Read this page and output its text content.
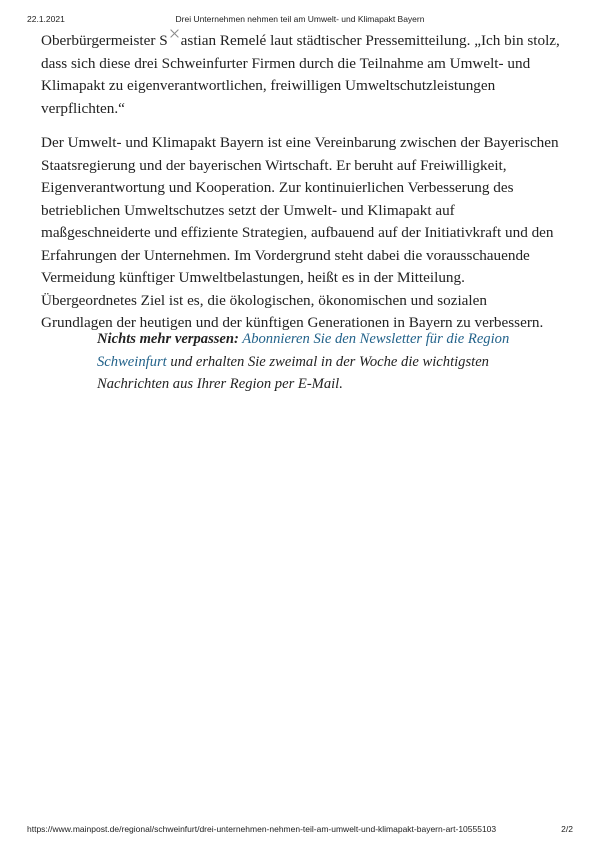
22.1.2021	Drei Unternehmen nehmen teil am Umwelt- und Klimapakt Bayern

Oberbürgermeister S astian Remelé laut städtischer Pressemitteilung. „Ich bin stolz, dass sich diese drei Schweinfurter Firmen durch die Teilnahme am Umwelt- und Klimapakt zu eigenverantwortlichen, freiwilligen Umweltschutzleistungen verpflichten.“

Der Umwelt- und Klimapakt Bayern ist eine Vereinbarung zwischen der Bayerischen Staatsregierung und der bayerischen Wirtschaft. Er beruht auf Freiwilligkeit, Eigenverantwortung und Kooperation. Zur kontinuierlichen Verbesserung des betrieblichen Umweltschutzes setzt der Umwelt- und Klimapakt auf maßgeschneiderte und effiziente Strategien, aufbauend auf der Initiativkraft und den Erfahrungen der Unternehmen. Im Vordergrund steht dabei die vorausschauende Vermeidung künftiger Umweltbelastungen, heißt es in der Mitteilung. Übergeordnetes Ziel ist es, die ökologischen, ökonomischen und sozialen Grundlagen der heutigen und der künftigen Generationen in Bayern zu verbessern.

Nichts mehr verpassen: Abonnieren Sie den Newsletter für die Region Schweinfurt und erhalten Sie zweimal in der Woche die wichtigsten Nachrichten aus Ihrer Region per E-Mail.
https://www.mainpost.de/regional/schweinfurt/drei-unternehmen-nehmen-teil-am-umwelt-und-klimapakt-bayern-art-10555103	2/2
